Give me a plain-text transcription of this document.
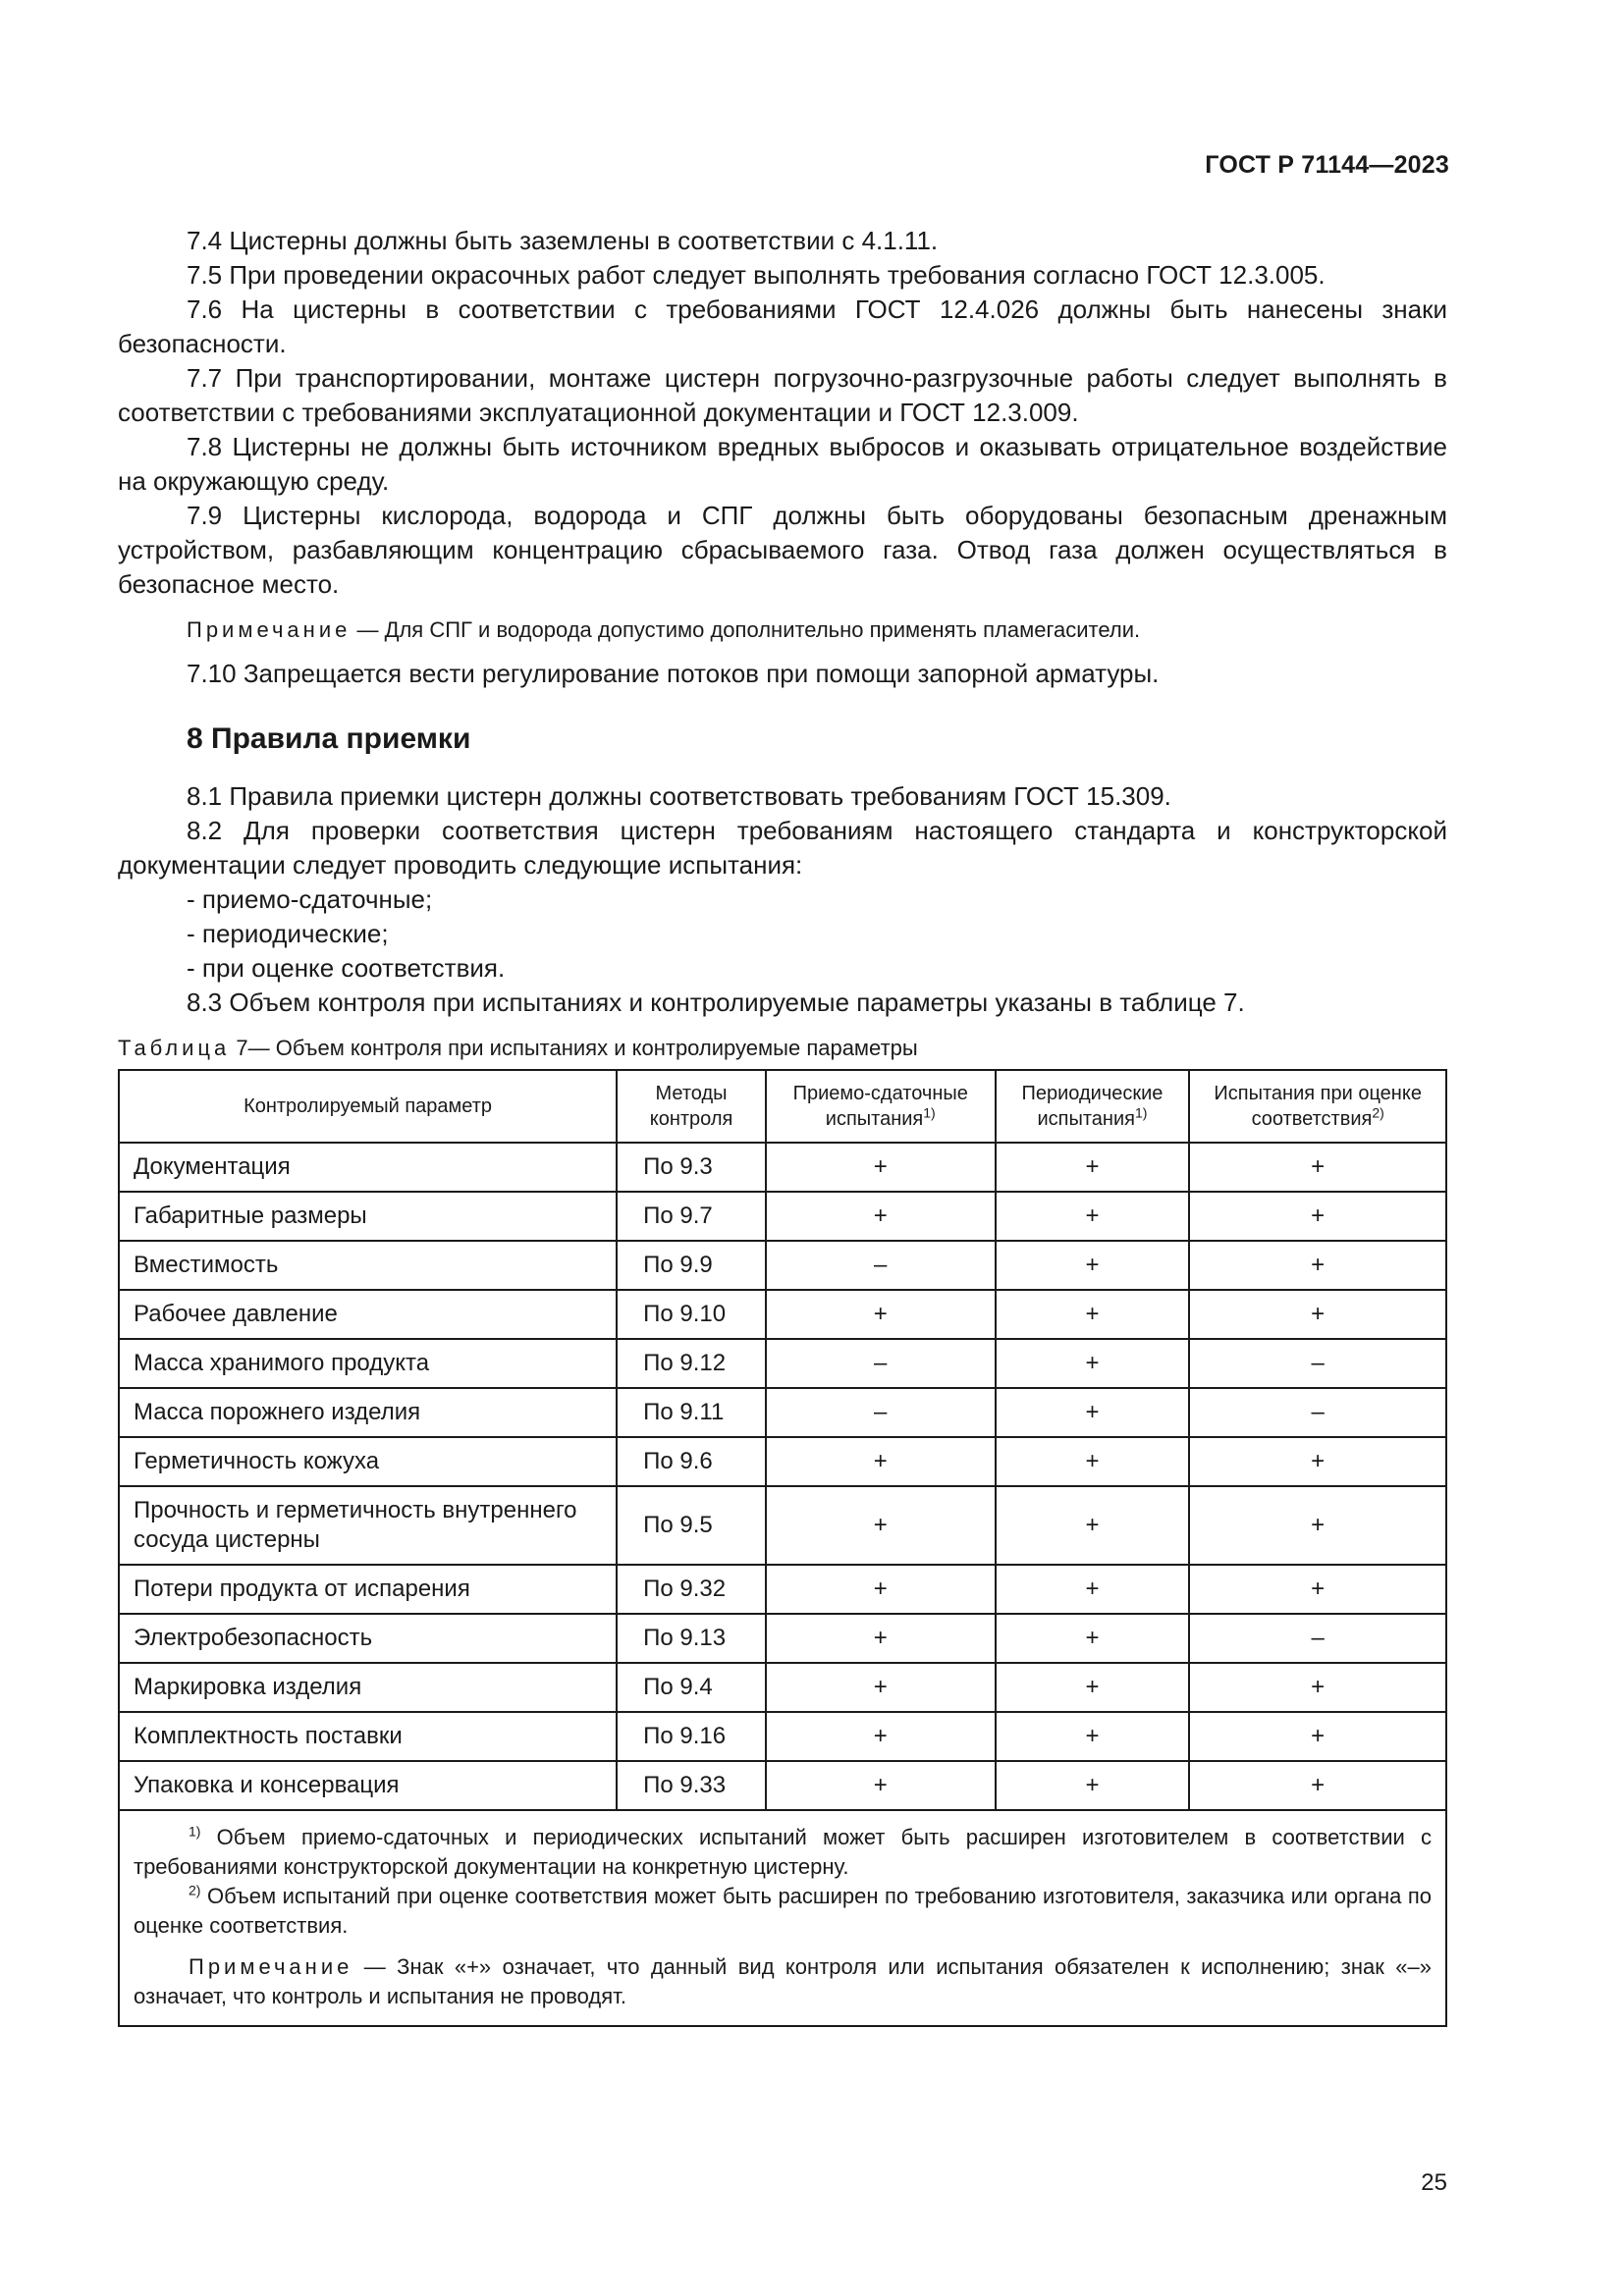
ГОСТ Р 71144—2023

7.4 Цистерны должны быть заземлены в соответствии с 4.1.11.

7.5 При проведении окрасочных работ следует выполнять требования согласно ГОСТ 12.3.005.

7.6 На цистерны в соответствии с требованиями ГОСТ 12.4.026 должны быть нанесены знаки безопасности.

7.7 При транспортировании, монтаже цистерн погрузочно-разгрузочные работы следует выполнять в соответствии с требованиями эксплуатационной документации и ГОСТ 12.3.009.

7.8 Цистерны не должны быть источником вредных выбросов и оказывать отрицательное воздействие на окружающую среду.

7.9 Цистерны кислорода, водорода и СПГ должны быть оборудованы безопасным дренажным устройством, разбавляющим концентрацию сбрасываемого газа. Отвод газа должен осуществляться в безопасное место.

Примечание — Для СПГ и водорода допустимо дополнительно применять пламегасители.

7.10 Запрещается вести регулирование потоков при помощи запорной арматуры.

8 Правила приемки

8.1 Правила приемки цистерн должны соответствовать требованиям ГОСТ 15.309.

8.2 Для проверки соответствия цистерн требованиям настоящего стандарта и конструкторской документации следует проводить следующие испытания:

- приемо-сдаточные;
- периодические;
- при оценке соответствия.

8.3 Объем контроля при испытаниях и контролируемые параметры указаны в таблице 7.

Таблица 7— Объем контроля при испытаниях и контролируемые параметры

Контролируемый параметр	Методы контроля	Приемо-сдаточные испытания$^{1)}$	Периодические испытания$^{1)}$	Испытания при оценке соответствия$^{2)}$
Документация	По 9.3	+	+	+
Габаритные размеры	По 9.7	+	+	+
Вместимость	По 9.9	–	+	+
Рабочее давление	По 9.10	+	+	+
Масса хранимого продукта	По 9.12	–	+	–
Масса порожнего изделия	По 9.11	–	+	–
Герметичность кожуха	По 9.6	+	+	+
Прочность и герметичность внутреннего сосуда цистерны	По 9.5	+	+	+
Потери продукта от испарения	По 9.32	+	+	+
Электробезопасность	По 9.13	+	+	–
Маркировка изделия	По 9.4	+	+	+
Комплектность поставки	По 9.16	+	+	+
Упаковка и консервация	По 9.33	+	+	+

$^{1)}$ Объем приемо-сдаточных и периодических испытаний может быть расширен изготовителем в соответствии с требованиями конструкторской документации на конкретную цистерну.
$^{2)}$ Объем испытаний при оценке соответствия может быть расширен по требованию изготовителя, заказчика или органа по оценке соответствия.
Примечание — Знак «+» означает, что данный вид контроля или испытания обязателен к исполнению; знак «–» означает, что контроль и испытания не проводят.				
25
